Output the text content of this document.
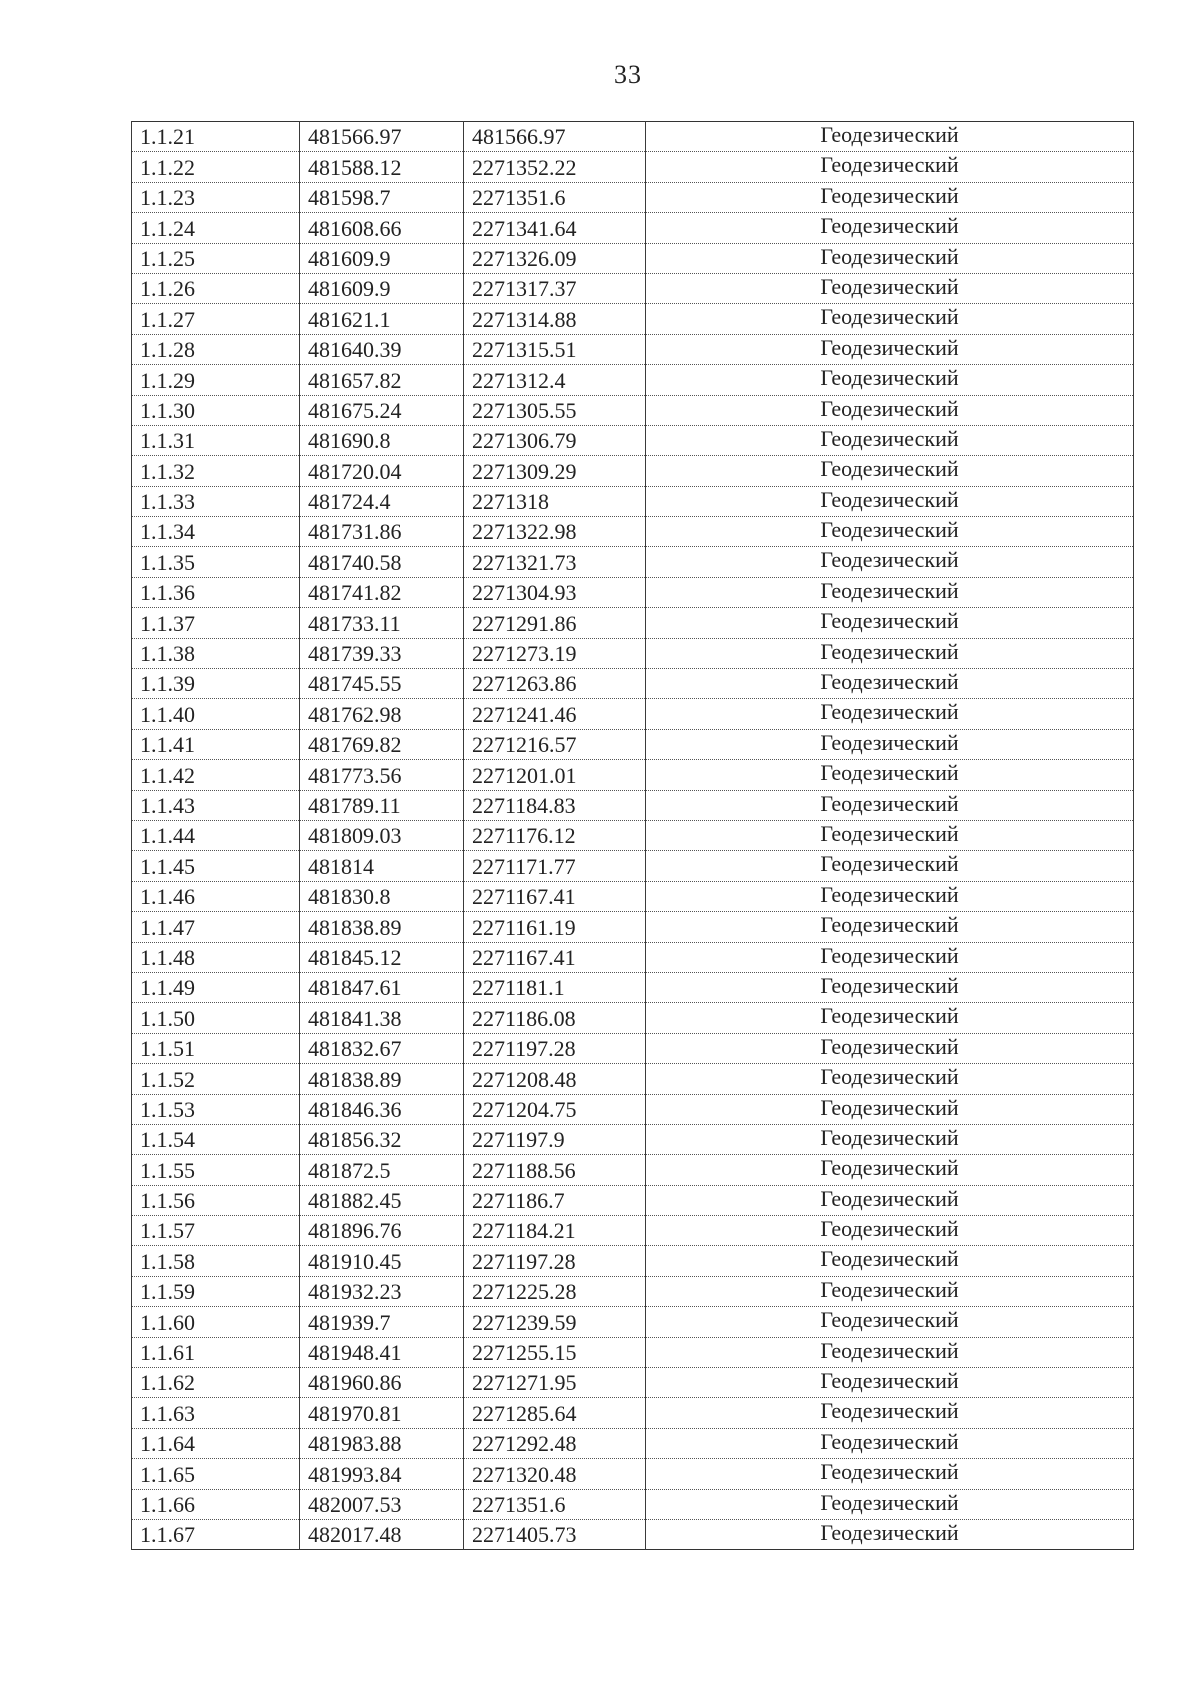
33
1.1.21	481566.97	481566.97	Геодезический
1.1.22	481588.12	2271352.22	Геодезический
1.1.23	481598.7	2271351.6	Геодезический
1.1.24	481608.66	2271341.64	Геодезический
1.1.25	481609.9	2271326.09	Геодезический
1.1.26	481609.9	2271317.37	Геодезический
1.1.27	481621.1	2271314.88	Геодезический
1.1.28	481640.39	2271315.51	Геодезический
1.1.29	481657.82	2271312.4	Геодезический
1.1.30	481675.24	2271305.55	Геодезический
1.1.31	481690.8	2271306.79	Геодезический
1.1.32	481720.04	2271309.29	Геодезический
1.1.33	481724.4	2271318	Геодезический
1.1.34	481731.86	2271322.98	Геодезический
1.1.35	481740.58	2271321.73	Геодезический
1.1.36	481741.82	2271304.93	Геодезический
1.1.37	481733.11	2271291.86	Геодезический
1.1.38	481739.33	2271273.19	Геодезический
1.1.39	481745.55	2271263.86	Геодезический
1.1.40	481762.98	2271241.46	Геодезический
1.1.41	481769.82	2271216.57	Геодезический
1.1.42	481773.56	2271201.01	Геодезический
1.1.43	481789.11	2271184.83	Геодезический
1.1.44	481809.03	2271176.12	Геодезический
1.1.45	481814	2271171.77	Геодезический
1.1.46	481830.8	2271167.41	Геодезический
1.1.47	481838.89	2271161.19	Геодезический
1.1.48	481845.12	2271167.41	Геодезический
1.1.49	481847.61	2271181.1	Геодезический
1.1.50	481841.38	2271186.08	Геодезический
1.1.51	481832.67	2271197.28	Геодезический
1.1.52	481838.89	2271208.48	Геодезический
1.1.53	481846.36	2271204.75	Геодезический
1.1.54	481856.32	2271197.9	Геодезический
1.1.55	481872.5	2271188.56	Геодезический
1.1.56	481882.45	2271186.7	Геодезический
1.1.57	481896.76	2271184.21	Геодезический
1.1.58	481910.45	2271197.28	Геодезический
1.1.59	481932.23	2271225.28	Геодезический
1.1.60	481939.7	2271239.59	Геодезический
1.1.61	481948.41	2271255.15	Геодезический
1.1.62	481960.86	2271271.95	Геодезический
1.1.63	481970.81	2271285.64	Геодезический
1.1.64	481983.88	2271292.48	Геодезический
1.1.65	481993.84	2271320.48	Геодезический
1.1.66	482007.53	2271351.6	Геодезический
1.1.67	482017.48	2271405.73	Геодезический
